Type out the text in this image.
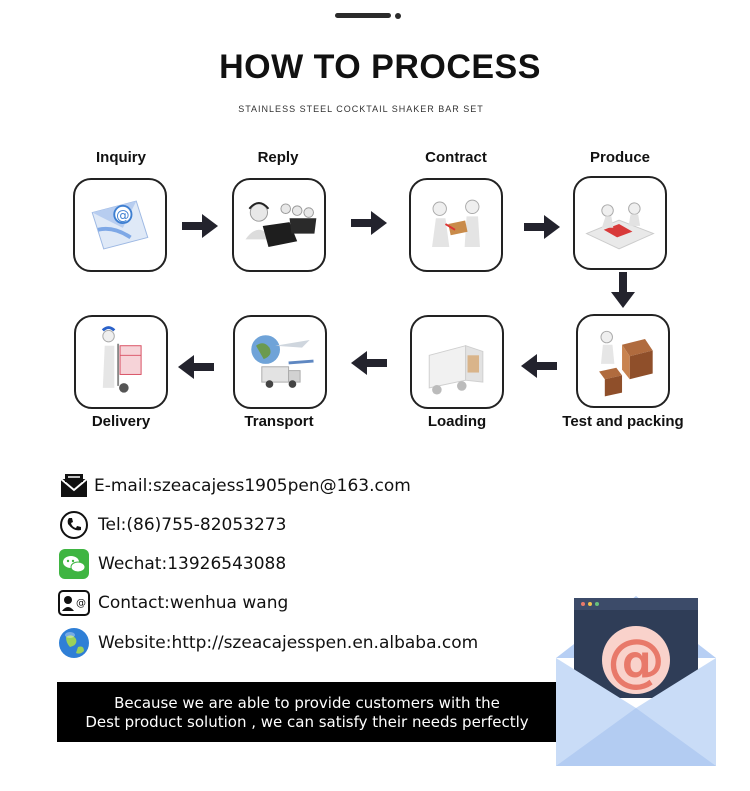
HOW TO PROCESS
STAINLESS STEEL COCKTAIL SHAKER BAR SET
Inquiry	Reply	Contract	Produce
@
Delivery	Transport	Loading	Test and packing
E-mail:szeacajess1905pen@163.com
Tel:(86)755-82053273
Wechat:13926543088
@ Contact:wenhua wang
Website:http://szeacajesspen.en.albaba.com
Because we are able to provide customers with the
Dest product solution , we can satisfy their needs perfectly
@
